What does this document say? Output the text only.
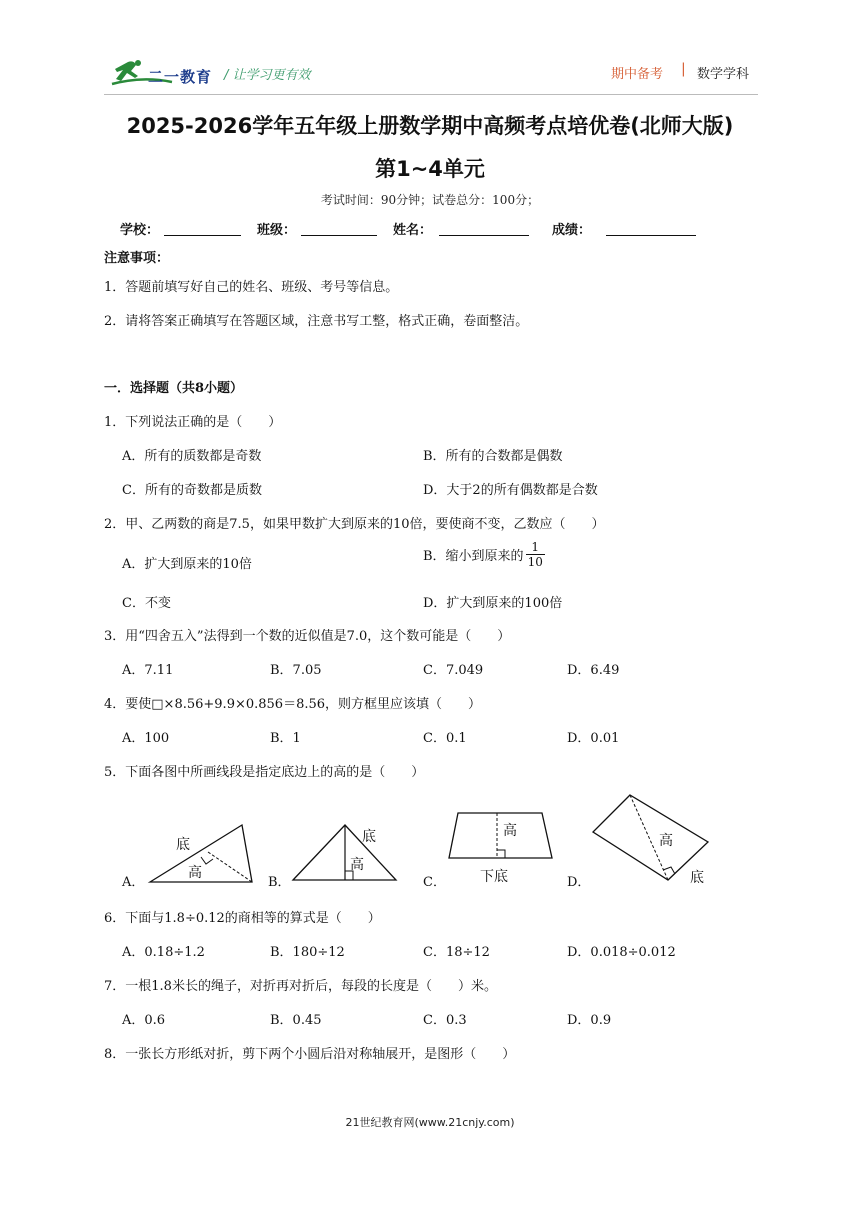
二一教育 / 让学习更有效	期中备考 | 数学学科
2025-2026学年五年级上册数学期中高频考点培优卷(北师大版)
第1~4单元
考试时间：90分钟；试卷总分：100分；
学校：	班级：	姓名：	成绩：
注意事项：
1．答题前填写好自己的姓名、班级、考号等信息。
2．请将答案正确填写在答题区域，注意书写工整，格式正确，卷面整洁。
一．选择题（共8小题）
1．下列说法正确的是（　　）
A．所有的质数都是奇数	B．所有的合数都是偶数
C．所有的奇数都是质数	D．大于2的所有偶数都是合数
2．甲、乙两数的商是7.5，如果甲数扩大到原来的10倍，要使商不变，乙数应（　　）
A．扩大到原来的10倍
B．缩小到原来的 $\frac{1}{10}$
C．不变	D．扩大到原来的100倍
3．用“四舍五入”法得到一个数的近似值是7.0，这个数可能是（　　）
A．7.11	B．7.05	C．7.049	D．6.49
4．要使□×8.56+9.9×0.856＝8.56，则方框里应该填（　　）
A．100	B．1	C．0.1	D．0.01
5．下面各图中所画线段是指定底边上的高的是（　　）
A．
底
高
B．
底
高
C．
高
下底	D．
高
底
6．下面与1.8÷0.12的商相等的算式是（　　）
A．0.18÷1.2	B．180÷12	C．18÷12	D．0.018÷0.012
7．一根1.8米长的绳子，对折再对折后，每段的长度是（　　）米。
A．0.6	B．0.45	C．0.3	D．0.9
8．一张长方形纸对折，剪下两个小圆后沿对称轴展开，是图形（　　）
21世纪教育网(www.21cnjy.com)
